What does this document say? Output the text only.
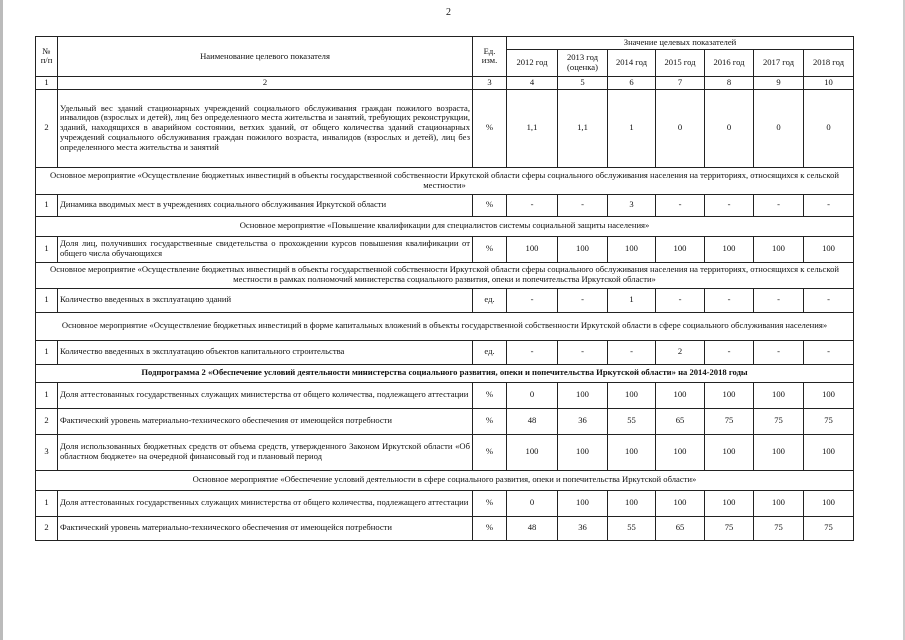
2
№ п/п	Наименование целевого показателя	Ед. изм.	Значение целевых показателей						
			2012 год	2013 год (оценка)	2014 год	2015 год	2016 год	2017 год	2018 год
1	2	3	4	5	6	7	8	9	10
2	Удельный вес зданий стационарных учреждений социального обслуживания граждан пожилого возраста, инвалидов (взрослых и детей), лиц без определенного места жительства и занятий, требующих реконструкции, зданий, находящихся в аварийном состоянии, ветхих зданий, от общего количества зданий стационарных учреждений социального обслуживания граждан пожилого возраста, инвалидов (взрослых и детей), лиц без определенного места жительства и занятий	%	1,1	1,1	1	0	0	0	0
Основное мероприятие «Осуществление бюджетных инвестиций в объекты государственной собственности Иркутской области сферы социального обслуживания населения на территориях, относящихся к сельской местности»									
1	Динамика вводимых мест в учреждениях социального обслуживания Иркутской области	%	-	-	3	-	-	-	-
Основное мероприятие «Повышение квалификации для специалистов системы социальной защиты населения»									
1	Доля лиц, получивших государственные свидетельства о прохождении курсов повышения квалификации от общего числа обучающихся	%	100	100	100	100	100	100	100
Основное мероприятие «Осуществление бюджетных инвестиций в объекты государственной собственности Иркутской области сферы социального обслуживания населения на территориях, относящихся к сельской местности в рамках полномочий министерства социального развития, опеки и попечительства Иркутской области»									
1	Количество введенных в эксплуатацию зданий	ед.	-	-	1	-	-	-	-
Основное мероприятие «Осуществление бюджетных инвестиций в форме капитальных вложений в объекты государственной собственности Иркутской области в сфере социального обслуживания населения»									
1	Количество введенных в эксплуатацию объектов капитального строительства	ед.	-	-	-	2	-	-	-
Подпрограмма 2 «Обеспечение условий деятельности министерства социального развития, опеки и попечительства Иркутской области» на 2014-2018 годы									
1	Доля аттестованных государственных служащих министерства от общего количества, подлежащего аттестации	%	0	100	100	100	100	100	100
2	Фактический уровень материально-технического обеспечения от имеющейся потребности	%	48	36	55	65	75	75	75
3	Доля использованных бюджетных средств от объема средств, утвержденного Законом Иркутской области «Об областном бюджете» на очередной финансовый год и плановый период	%	100	100	100	100	100	100	100
Основное мероприятие «Обеспечение условий деятельности в сфере социального развития, опеки и попечительства Иркутской области»									
1	Доля аттестованных государственных служащих министерства от общего количества, подлежащего аттестации	%	0	100	100	100	100	100	100
2	Фактический уровень материально-технического обеспечения от имеющейся потребности	%	48	36	55	65	75	75	75
